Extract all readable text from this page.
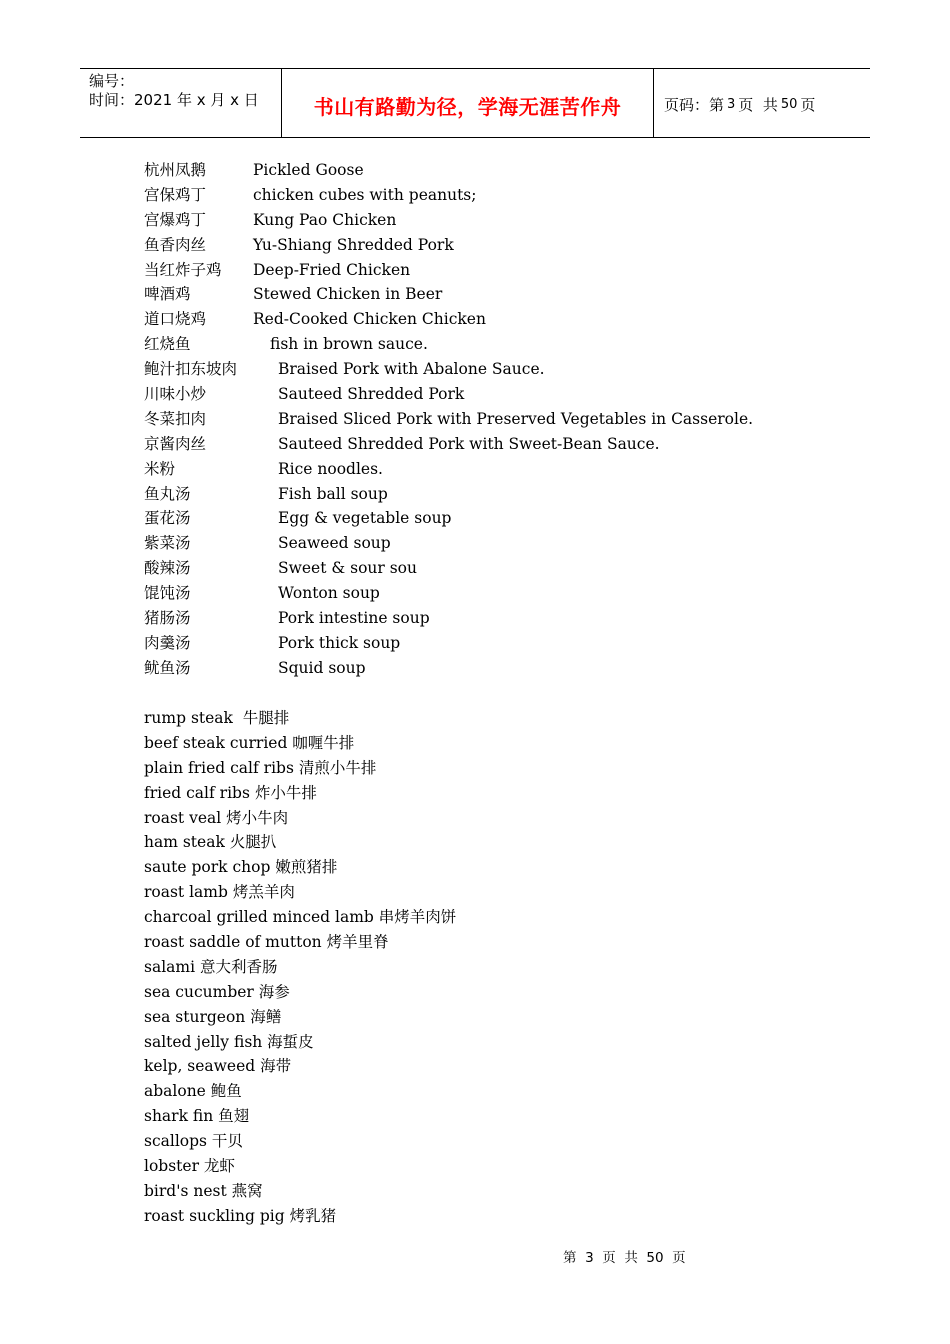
编号：
时间：2021 年 x 月 x 日	书山有路勤为径，学海无涯苦作舟	页码：第 3 页  共 50 页
杭州凤鹅	Pickled Goose
宫保鸡丁	chicken cubes with peanuts;
宫爆鸡丁	Kung Pao Chicken
鱼香肉丝	Yu-Shiang Shredded Pork
当红炸子鸡 Deep-Fried Chicken
啤酒鸡	Stewed Chicken in Beer
道口烧鸡	Red-Cooked Chicken Chicken
红烧鱼	fish in brown sauce.
鲍汁扣东坡肉	Braised Pork with Abalone Sauce.
川味小炒	Sauteed Shredded Pork
冬菜扣肉	Braised Sliced Pork with Preserved Vegetables in Casserole.
京酱肉丝	Sauteed Shredded Pork with Sweet-Bean Sauce.
米粉	Rice noodles.
鱼丸汤	Fish ball soup
蛋花汤	Egg & vegetable soup
紫菜汤	Seaweed soup
酸辣汤	Sweet & sour sou
馄饨汤	Wonton soup
猪肠汤	Pork intestine soup
肉羹汤	Pork thick soup
鱿鱼汤	Squid soup
rump steak  牛腿排
beef steak curried 咖喱牛排
plain fried calf ribs 清煎小牛排
fried calf ribs 炸小牛排
roast veal 烤小牛肉
ham steak 火腿扒
saute pork chop 嫩煎猪排
roast lamb 烤羔羊肉
charcoal grilled minced lamb 串烤羊肉饼
roast saddle of mutton 烤羊里脊
salami 意大利香肠
sea cucumber 海参
sea sturgeon 海鳝
salted jelly fish 海蜇皮
kelp, seaweed 海带
abalone 鲍鱼
shark fin 鱼翅
scallops 干贝
lobster 龙虾
bird's nest 燕窝
roast suckling pig 烤乳猪
第  3  页  共  50  页
